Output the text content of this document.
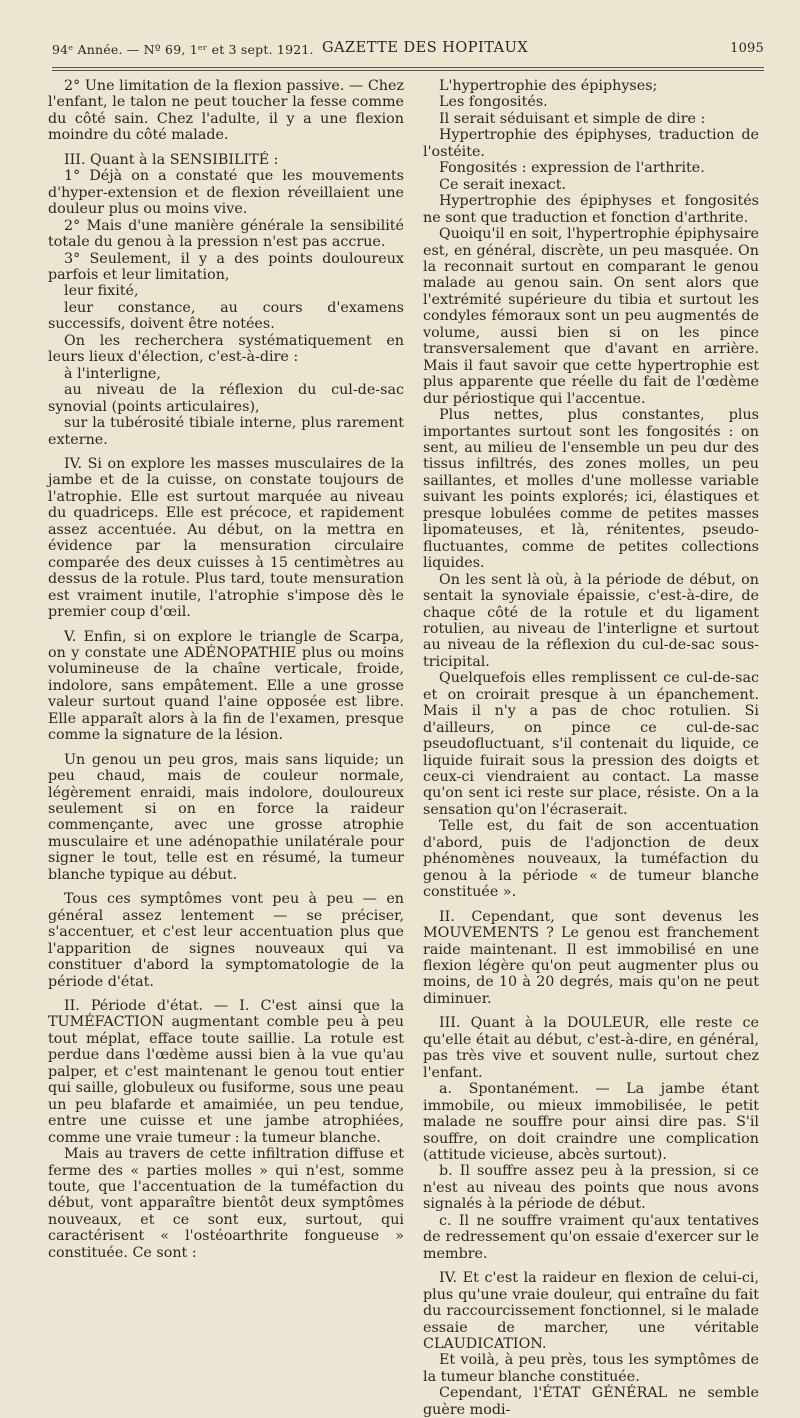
94ᵉ Année. — Nº 69, 1ᵉʳ et 3 sept. 1921. GAZETTE DES HOPITAUX	1095

2° Une limitation de la flexion passive. — Chez l'enfant, le talon ne peut toucher la fesse comme du côté sain. Chez l'adulte, il y a une flexion moindre du côté malade.

III. Quant à la SENSIBILITÉ :

1° Déjà on a constaté que les mouvements d'hyper-extension et de flexion réveillaient une douleur plus ou moins vive.

2° Mais d'une manière générale la sensibilité totale du genou à la pression n'est pas accrue.

3° Seulement, il y a des points douloureux parfois et leur limitation,

leur fixité,

leur constance, au cours d'examens successifs, doivent être notées.

On les recherchera systématiquement en leurs lieux d'élection, c'est-à-dire :

à l'interligne,

au niveau de la réflexion du cul-de-sac synovial (points articulaires),

sur la tubérosité tibiale interne, plus rarement externe.

IV. Si on explore les masses musculaires de la jambe et de la cuisse, on constate toujours de l'atrophie. Elle est surtout marquée au niveau du quadriceps. Elle est précoce, et rapidement assez accentuée. Au début, on la mettra en évidence par la mensuration circulaire comparée des deux cuisses à 15 centimètres au dessus de la rotule. Plus tard, toute mensuration est vraiment inutile, l'atrophie s'impose dès le premier coup d'œil.

V. Enfin, si on explore le triangle de Scarpa, on y constate une ADÉNOPATHIE plus ou moins volumineuse de la chaîne verticale, froide, indolore, sans empâtement. Elle a une grosse valeur surtout quand l'aine opposée est libre. Elle apparaît alors à la fin de l'examen, presque comme la signature de la lésion.

Un genou un peu gros, mais sans liquide; un peu chaud, mais de couleur normale, légèrement enraidi, mais indolore, douloureux seulement si on en force la raideur commençante, avec une grosse atrophie musculaire et une adénopathie unilatérale pour signer le tout, telle est en résumé, la tumeur blanche typique au début.

Tous ces symptômes vont peu à peu — en général assez lentement — se préciser, s'accentuer, et c'est leur accentuation plus que l'apparition de signes nouveaux qui va constituer d'abord la symptomatologie de la période d'état.

II. Période d'état. — I. C'est ainsi que la TUMÉFACTION augmentant comble peu à peu tout méplat, efface toute saillie. La rotule est perdue dans l'œdème aussi bien à la vue qu'au palper, et c'est maintenant le genou tout entier qui saille, globuleux ou fusiforme, sous une peau un peu blafarde et amaimiée, un peu tendue, entre une cuisse et une jambe atrophiées, comme une vraie tumeur : la tumeur blanche.

Mais au travers de cette infiltration diffuse et ferme des « parties molles » qui n'est, somme toute, que l'accentuation de la tuméfaction du début, vont apparaître bientôt deux symptômes nouveaux, et ce sont eux, surtout, qui caractérisent « l'ostéoarthrite fongueuse » constituée. Ce sont :

L'hypertrophie des épiphyses;

Les fongosités.

Il serait séduisant et simple de dire :

Hypertrophie des épiphyses, traduction de l'ostéite.

Fongosités : expression de l'arthrite.

Ce serait inexact.

Hypertrophie des épiphyses et fongosités ne sont que traduction et fonction d'arthrite.

Quoiqu'il en soit, l'hypertrophie épiphysaire est, en général, discrète, un peu masquée. On la reconnait surtout en comparant le genou malade au genou sain. On sent alors que l'extrémité supérieure du tibia et surtout les condyles fémoraux sont un peu augmentés de volume, aussi bien si on les pince transversalement que d'avant en arrière. Mais il faut savoir que cette hypertrophie est plus apparente que réelle du fait de l'œdème dur périostique qui l'accentue.

Plus nettes, plus constantes, plus importantes surtout sont les fongosités : on sent, au milieu de l'ensemble un peu dur des tissus infiltrés, des zones molles, un peu saillantes, et molles d'une mollesse variable suivant les points explorés; ici, élastiques et presque lobulées comme de petites masses lipomateuses, et là, rénitentes, pseudo-fluctuantes, comme de petites collections liquides.

On les sent là où, à la période de début, on sentait la synoviale épaissie, c'est-à-dire, de chaque côté de la rotule et du ligament rotulien, au niveau de l'interligne et surtout au niveau de la réflexion du cul-de-sac sous-tricipital.

Quelquefois elles remplissent ce cul-de-sac et on croirait presque à un épanchement. Mais il n'y a pas de choc rotulien. Si d'ailleurs, on pince ce cul-de-sac pseudofluctuant, s'il contenait du liquide, ce liquide fuirait sous la pression des doigts et ceux-ci viendraient au contact. La masse qu'on sent ici reste sur place, résiste. On a la sensation qu'on l'écraserait.

Telle est, du fait de son accentuation d'abord, puis de l'adjonction de deux phénomènes nouveaux, la tuméfaction du genou à la période « de tumeur blanche constituée ».

II. Cependant, que sont devenus les MOUVEMENTS ? Le genou est franchement raide maintenant. Il est immobilisé en une flexion légère qu'on peut augmenter plus ou moins, de 10 à 20 degrés, mais qu'on ne peut diminuer.

III. Quant à la DOULEUR, elle reste ce qu'elle était au début, c'est-à-dire, en général, pas très vive et souvent nulle, surtout chez l'enfant.

a. Spontanément. — La jambe étant immobile, ou mieux immobilisée, le petit malade ne souffre pour ainsi dire pas. S'il souffre, on doit craindre une complication (attitude vicieuse, abcès surtout).

b. Il souffre assez peu à la pression, si ce n'est au niveau des points que nous avons signalés à la période de début.

c. Il ne souffre vraiment qu'aux tentatives de redressement qu'on essaie d'exercer sur le membre.

IV. Et c'est la raideur en flexion de celui-ci, plus qu'une vraie douleur, qui entraîne du fait du raccourcissement fonctionnel, si le malade essaie de marcher, une véritable CLAUDICATION.

Et voilà, à peu près, tous les symptômes de la tumeur blanche constituée.

Cependant, l'ÉTAT GÉNÉRAL ne semble guère modi-
